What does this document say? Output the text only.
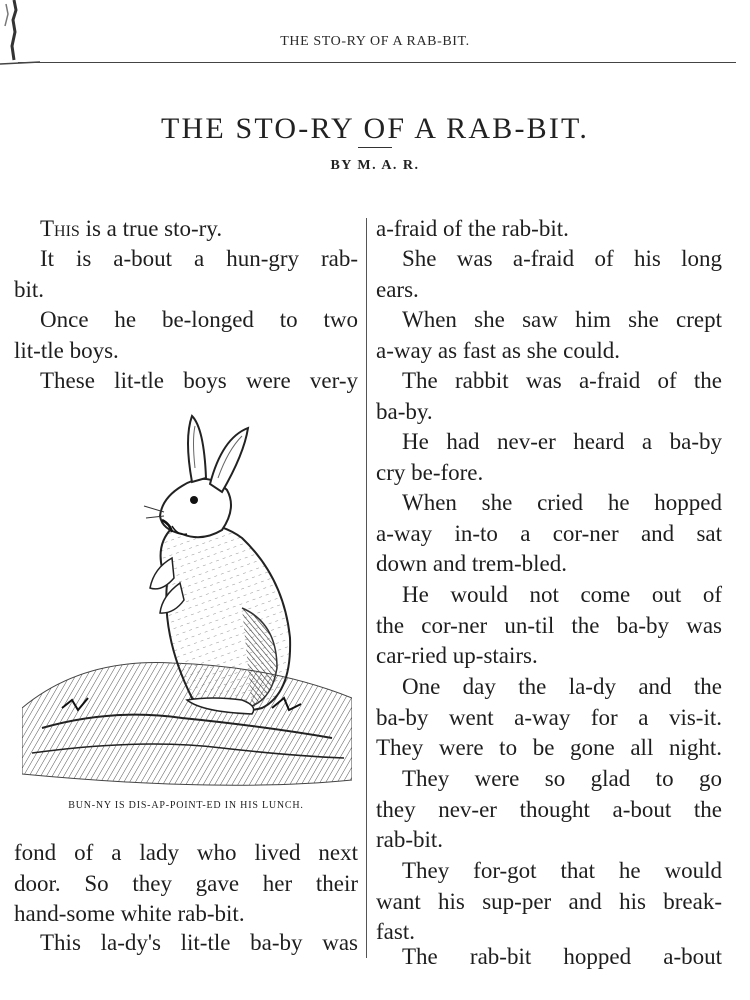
THE STO-RY OF A RAB-BIT.
THE STO-RY OF A RAB-BIT.
BY M. A. R.

This is a true sto-ry.

It is a-bout a hun-gry rab-
bit.

Once he be-longed to two
lit-tle boys.

These lit-tle boys were ver-y

BUN-NY IS DIS-AP-POINT-ED IN HIS LUNCH.

fond of a lady who lived next
door. So they gave her their
hand-some white rab-bit.

This la-dy's lit-tle ba-by was

a-fraid of the rab-bit.
She was a-fraid of his long
ears.
When she saw him she crept
a-way as fast as she could.
The rabbit was a-fraid of the
ba-by.
He had nev-er heard a ba-by
cry be-fore.
When she cried he hopped
a-way in-to a cor-ner and sat
down and trem-bled.
He would not come out of
the cor-ner un-til the ba-by was
car-ried up-stairs.
One day the la-dy and the
ba-by went a-way for a vis-it.
They were to be gone all night.
They were so glad to go
they nev-er thought a-bout the
rab-bit.
They for-got that he would
want his sup-per and his break-
fast.
The rab-bit hopped a-bout
